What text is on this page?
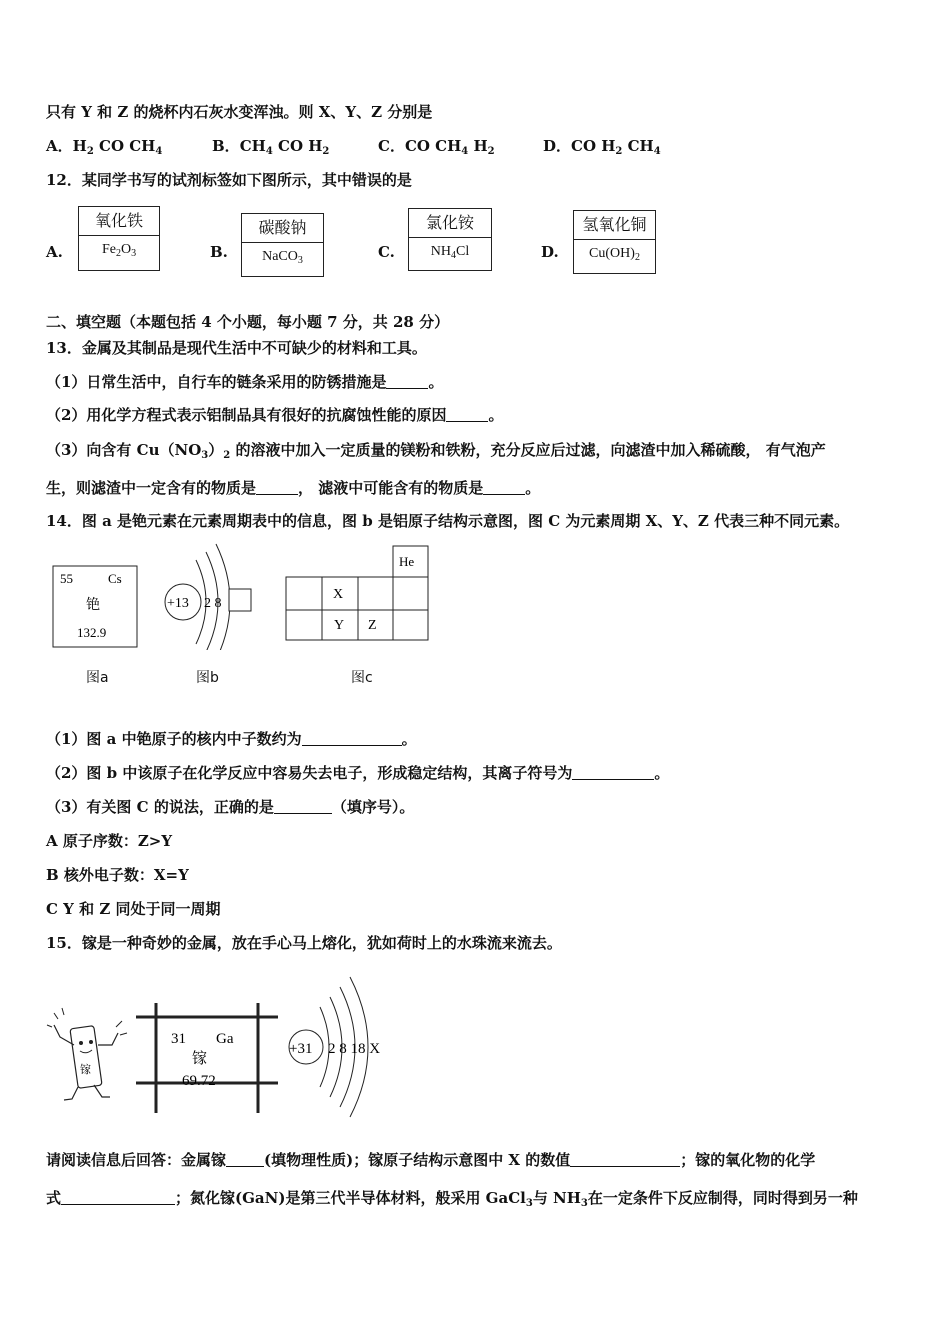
只有 Y 和 Z 的烧杯内石灰水变浑浊。则 X、Y、Z 分别是
A．$H_2$ CO $CH_4$	B．$CH_4$ CO $H_2$	C．CO $CH_4$ $H_2$	D．CO $H_2$ $CH_4$
12．某同学书写的试剂标签如下图所示，其中错误的是
A.
氧化铁
$Fe_2O_3$	B.
碳酸钠
NaCO$_3$	C.
氯化铵
$NH_4Cl$	D.
氢氧化铜
$Cu(OH)_2$
二、填空题（本题包括 4 个小题，每小题 7 分，共 28 分）
13．金属及其制品是现代生活中不可缺少的材料和工具。
（1）日常生活中，自行车的链条采用的防锈措施是	。
（2）用化学方程式表示铝制品具有很好的抗腐蚀性能的原因	。
（3）向含有 $Cu(NO_3)_2$ 的溶液中加入一定质量的镁粉和铁粉，充分反应后过滤，向滤渣中加入稀硫酸， 有气泡产
生，则滤渣中一定含有的物质是	， 滤液中可能含有的物质是	。
14．图 a 是铯元素在元素周期表中的信息，图 b 是铝原子结构示意图，图 C 为元素周期 X、Y、Z 代表三种不同元素。
55	Cs
铯
132.9
+13 2 8
He
X
Y Z
图a	图b	图c
（1）图 a 中铯原子的核内中子数约为	。
（2）图 b 中该原子在化学反应中容易失去电子，形成稳定结构，其离子符号为	。
（3）有关图 C 的说法，正确的是	（填序号）。
A 原子序数：Z>Y
B 核外电子数：X=Y
C Y 和 Z 同处于同一周期
15．镓是一种奇妙的金属，放在手心马上熔化，犹如荷时上的水珠流来流去。
镓
31 Ga
镓
69.72
+31 2 8 18 X
请阅读信息后回答：金属镓	(填物理性质)；镓原子结构示意图中 X 的数值	；镓的氧化物的化学
式	；氮化镓(GaN)是第三代半导体材料，般采用 GaCl$_3$与 $NH_3$在一定条件下反应制得，同时得到另一种
